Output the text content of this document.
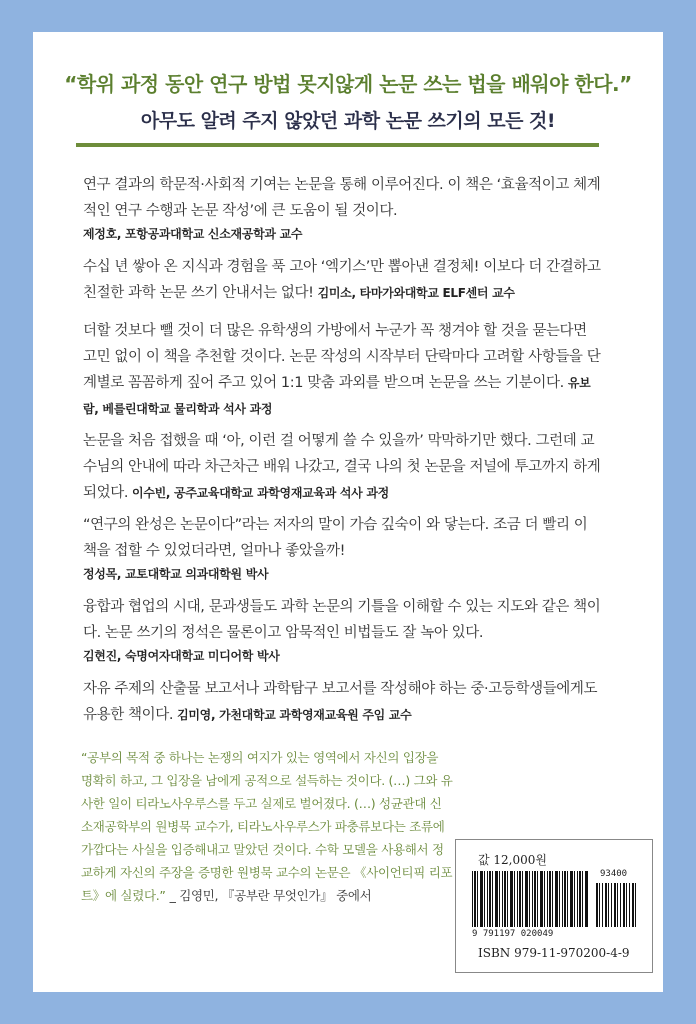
“학위 과정 동안 연구 방법 못지않게 논문 쓰는 법을 배워야 한다.”
아무도 알려 주지 않았던 과학 논문 쓰기의 모든 것!
연구 결과의 학문적·사회적 기여는 논문을 통해 이루어진다. 이 책은 ‘효율적이고 체계적인 연구 수행과 논문 작성’에 큰 도움이 될 것이다.
제정호, 포항공과대학교 신소재공학과 교수
수십 년 쌓아 온 지식과 경험을 푹 고아 ‘엑기스’만 뽑아낸 결정체! 이보다 더 간결하고 친절한 과학 논문 쓰기 안내서는 없다! 김미소, 타마가와대학교 ELF센터 교수
더할 것보다 뺄 것이 더 많은 유학생의 가방에서 누군가 꼭 챙겨야 할 것을 묻는다면 고민 없이 이 책을 추천할 것이다. 논문 작성의 시작부터 단락마다 고려할 사항들을 단계별로 꼼꼼하게 짚어 주고 있어 1:1 맞춤 과외를 받으며 논문을 쓰는 기분이다. 유보람, 베를린대학교 물리학과 석사 과정
논문을 처음 접했을 때 ‘아, 이런 걸 어떻게 쓸 수 있을까’ 막막하기만 했다. 그런데 교수님의 안내에 따라 차근차근 배워 나갔고, 결국 나의 첫 논문을 저널에 투고까지 하게 되었다. 이수빈, 공주교육대학교 과학영재교육과 석사 과정
“연구의 완성은 논문이다”라는 저자의 말이 가슴 깊숙이 와 닿는다. 조금 더 빨리 이 책을 접할 수 있었더라면, 얼마나 좋았을까!
정성목, 교토대학교 의과대학원 박사
융합과 협업의 시대, 문과생들도 과학 논문의 기틀을 이해할 수 있는 지도와 같은 책이다. 논문 쓰기의 정석은 물론이고 암묵적인 비법들도 잘 녹아 있다.
김현진, 숙명여자대학교 미디어학 박사
자유 주제의 산출물 보고서나 과학탐구 보고서를 작성해야 하는 중·고등학생들에게도 유용한 책이다. 김미영, 가천대학교 과학영재교육원 주임 교수
“공부의 목적 중 하나는 논쟁의 여지가 있는 영역에서 자신의 입장을 명확히 하고, 그 입장을 남에게 공적으로 설득하는 것이다. (…) 그와 유사한 일이 티라노사우루스를 두고 실제로 벌어졌다. (…) 성균관대 신소재공학부의 원병묵 교수가, 티라노사우루스가 파충류보다는 조류에 가깝다는 사실을 입증해내고 말았던 것이다. 수학 모델을 사용해서 정교하게 자신의 주장을 증명한 원병묵 교수의 논문은 《사이언티픽 리포트》에 실렸다.” _ 김영민, 『공부란 무엇인가』 중에서
값 12,000원
93400
9 791197 020049
ISBN 979-11-970200-4-9
